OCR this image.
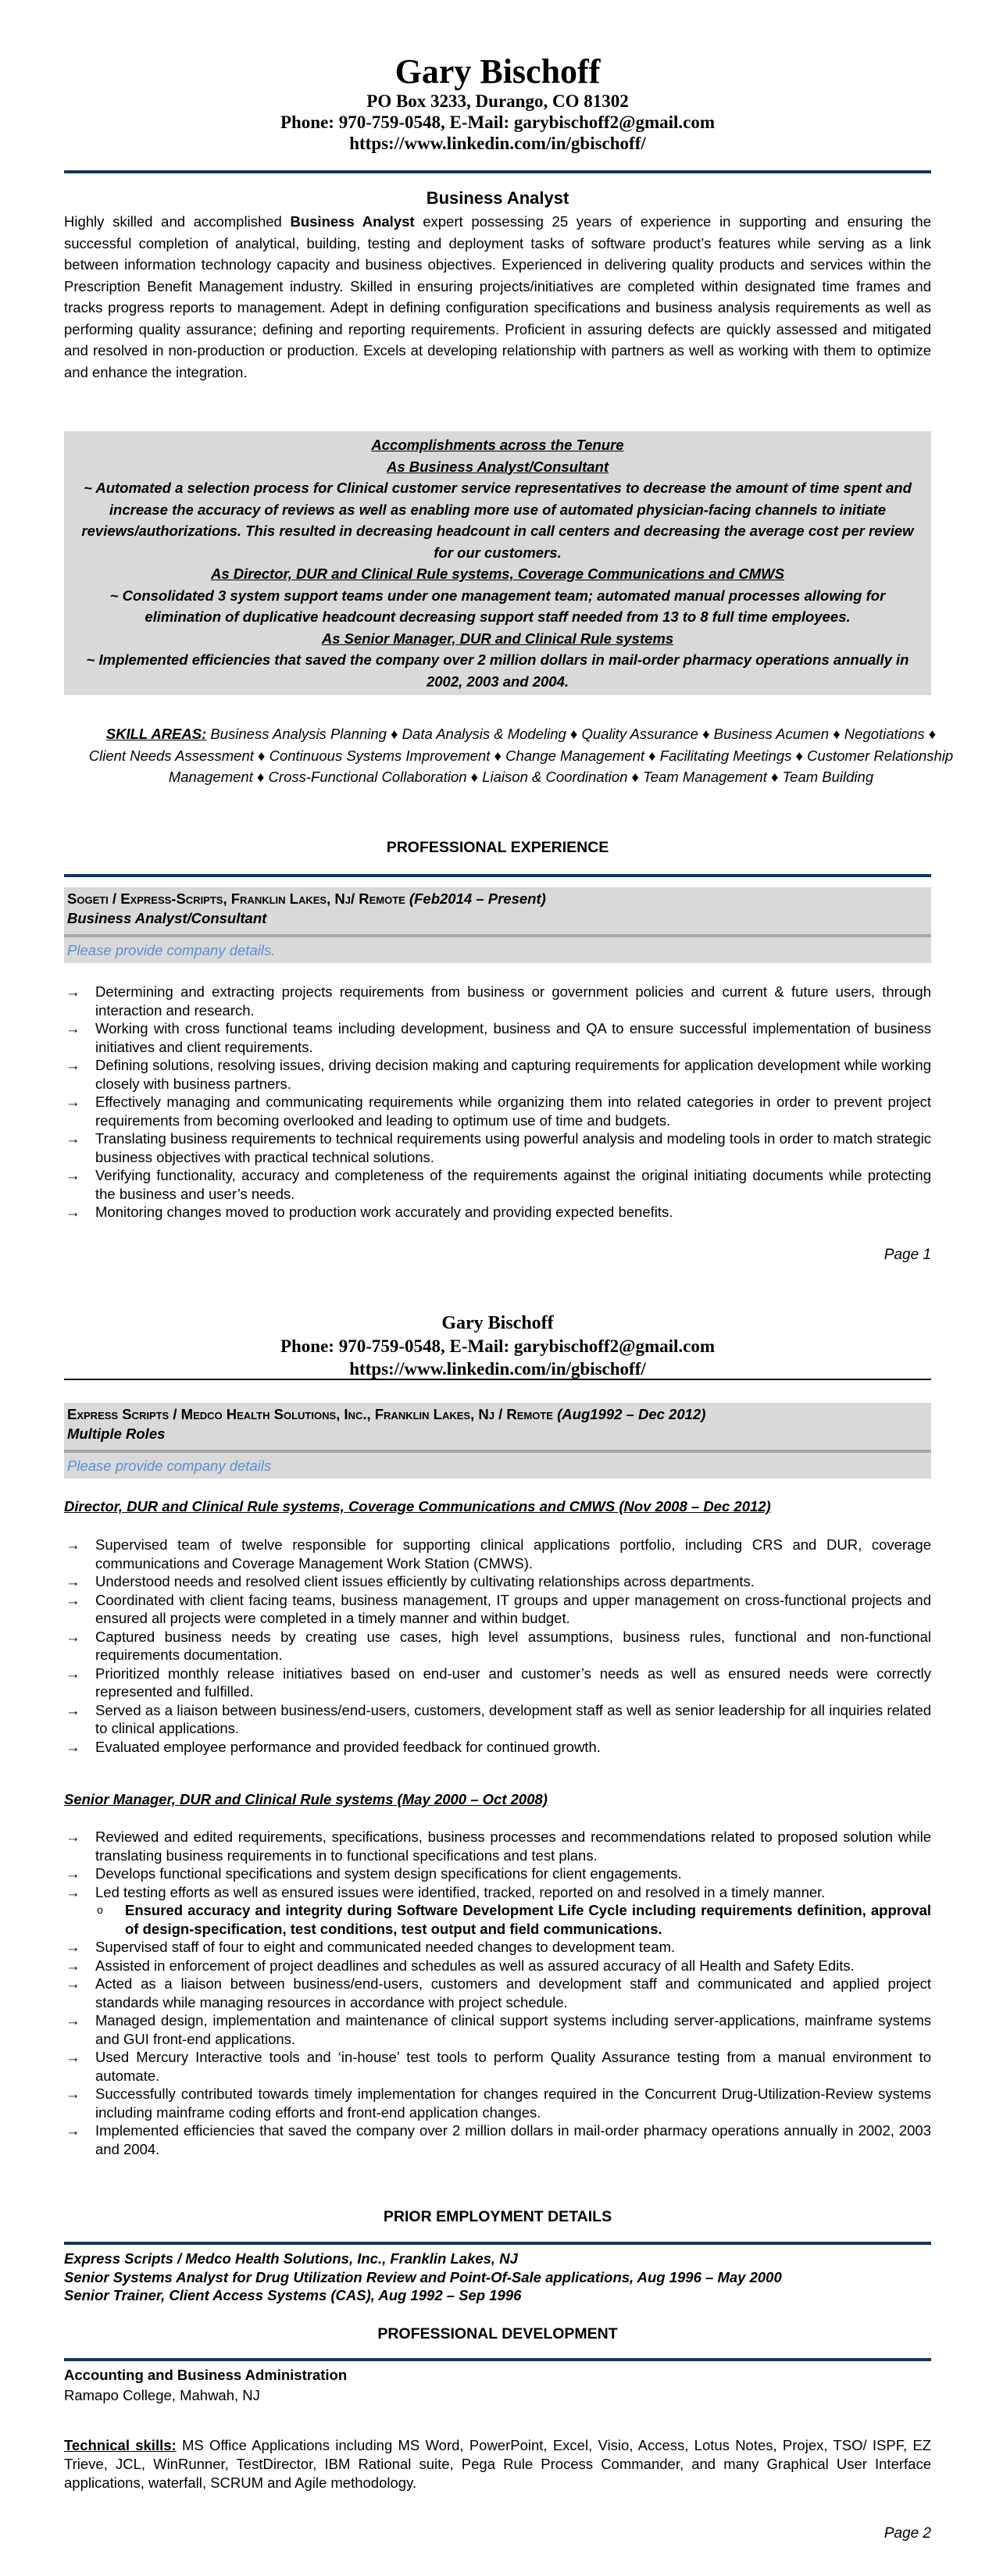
Gary Bischoff
PO Box 3233, Durango, CO 81302
Phone: 970-759-0548, E-Mail: garybischoff2@gmail.com
https://www.linkedin.com/in/gbischoff/
Business Analyst
Highly skilled and accomplished Business Analyst expert possessing 25 years of experience in supporting and ensuring the successful completion of analytical, building, testing and deployment tasks of software product’s features while serving as a link between information technology capacity and business objectives. Experienced in delivering quality products and services within the Prescription Benefit Management industry. Skilled in ensuring projects/initiatives are completed within designated time frames and tracks progress reports to management. Adept in defining configuration specifications and business analysis requirements as well as performing quality assurance; defining and reporting requirements. Proficient in assuring defects are quickly assessed and mitigated and resolved in non-production or production. Excels at developing relationship with partners as well as working with them to optimize and enhance the integration.
Accomplishments across the Tenure
As Business Analyst/Consultant
~ Automated a selection process for Clinical customer service representatives to decrease the amount of time spent and increase the accuracy of reviews as well as enabling more use of automated physician-facing channels to initiate reviews/authorizations. This resulted in decreasing headcount in call centers and decreasing the average cost per review for our customers.
As Director, DUR and Clinical Rule systems, Coverage Communications and CMWS
~ Consolidated 3 system support teams under one management team; automated manual processes allowing for elimination of duplicative headcount decreasing support staff needed from 13 to 8 full time employees.
As Senior Manager, DUR and Clinical Rule systems
~ Implemented efficiencies that saved the company over 2 million dollars in mail-order pharmacy operations annually in 2002, 2003 and 2004.
SKILL AREAS: Business Analysis Planning ♦ Data Analysis & Modeling ♦ Quality Assurance ♦ Business Acumen ♦ Negotiations ♦ Client Needs Assessment ♦ Continuous Systems Improvement ♦ Change Management ♦ Facilitating Meetings ♦ Customer Relationship Management ♦ Cross-Functional Collaboration ♦ Liaison & Coordination ♦ Team Management ♦ Team Building
PROFESSIONAL EXPERIENCE
Sogeti / Express-Scripts, Franklin Lakes, Nj/ Remote (Feb2014 – Present)
Business Analyst/Consultant
Please provide company details.
→ Determining and extracting projects requirements from business or government policies and current & future users, through interaction and research.
→ Working with cross functional teams including development, business and QA to ensure successful implementation of business initiatives and client requirements.
→ Defining solutions, resolving issues, driving decision making and capturing requirements for application development while working closely with business partners.
→ Effectively managing and communicating requirements while organizing them into related categories in order to prevent project requirements from becoming overlooked and leading to optimum use of time and budgets.
→ Translating business requirements to technical requirements using powerful analysis and modeling tools in order to match strategic business objectives with practical technical solutions.
→ Verifying functionality, accuracy and completeness of the requirements against the original initiating documents while protecting the business and user’s needs.
→ Monitoring changes moved to production work accurately and providing expected benefits.
Page 1
Gary Bischoff
Phone: 970-759-0548, E-Mail: garybischoff2@gmail.com
https://www.linkedin.com/in/gbischoff/
Express Scripts / Medco Health Solutions, Inc., Franklin Lakes, Nj / Remote (Aug1992 – Dec 2012)
Multiple Roles
Please provide company details
Director, DUR and Clinical Rule systems, Coverage Communications and CMWS (Nov 2008 – Dec 2012)
→ Supervised team of twelve responsible for supporting clinical applications portfolio, including CRS and DUR, coverage communications and Coverage Management Work Station (CMWS).
→ Understood needs and resolved client issues efficiently by cultivating relationships across departments.
→ Coordinated with client facing teams, business management, IT groups and upper management on cross-functional projects and ensured all projects were completed in a timely manner and within budget.
→ Captured business needs by creating use cases, high level assumptions, business rules, functional and non-functional requirements documentation.
→ Prioritized monthly release initiatives based on end-user and customer’s needs as well as ensured needs were correctly represented and fulfilled.
→ Served as a liaison between business/end-users, customers, development staff as well as senior leadership for all inquiries related to clinical applications.
→ Evaluated employee performance and provided feedback for continued growth.
Senior Manager, DUR and Clinical Rule systems (May 2000 – Oct 2008)
→ Reviewed and edited requirements, specifications, business processes and recommendations related to proposed solution while translating business requirements in to functional specifications and test plans.
→ Develops functional specifications and system design specifications for client engagements.
→ Led testing efforts as well as ensured issues were identified, tracked, reported on and resolved in a timely manner.
o Ensured accuracy and integrity during Software Development Life Cycle including requirements definition, approval of design-specification, test conditions, test output and field communications.
→ Supervised staff of four to eight and communicated needed changes to development team.
→ Assisted in enforcement of project deadlines and schedules as well as assured accuracy of all Health and Safety Edits.
→ Acted as a liaison between business/end-users, customers and development staff and communicated and applied project standards while managing resources in accordance with project schedule.
→ Managed design, implementation and maintenance of clinical support systems including server-applications, mainframe systems and GUI front-end applications.
→ Used Mercury Interactive tools and ‘in-house’ test tools to perform Quality Assurance testing from a manual environment to automate.
→ Successfully contributed towards timely implementation for changes required in the Concurrent Drug-Utilization-Review systems including mainframe coding efforts and front-end application changes.
→ Implemented efficiencies that saved the company over 2 million dollars in mail-order pharmacy operations annually in 2002, 2003 and 2004.
PRIOR EMPLOYMENT DETAILS
Express Scripts / Medco Health Solutions, Inc., Franklin Lakes, NJ
Senior Systems Analyst for Drug Utilization Review and Point-Of-Sale applications, Aug 1996 – May 2000
Senior Trainer, Client Access Systems (CAS), Aug 1992 – Sep 1996
PROFESSIONAL DEVELOPMENT
Accounting and Business Administration
Ramapo College, Mahwah, NJ
Technical skills: MS Office Applications including MS Word, PowerPoint, Excel, Visio, Access, Lotus Notes, Projex, TSO/ ISPF, EZ Trieve, JCL, WinRunner, TestDirector, IBM Rational suite, Pega Rule Process Commander, and many Graphical User Interface applications, waterfall, SCRUM and Agile methodology.
Page 2
